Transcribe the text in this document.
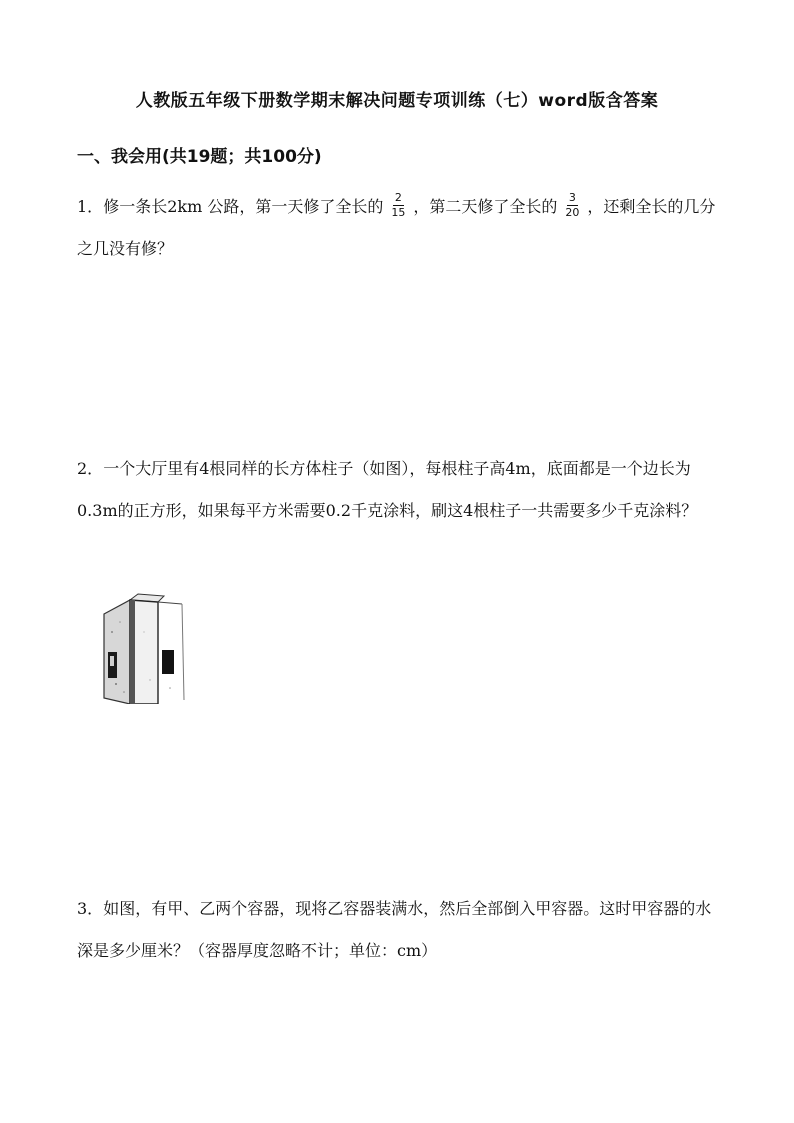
人教版五年级下册数学期末解决问题专项训练（七）word版含答案
一、我会用(共19题；共100分)
1．修一条长2km 公路，第一天修了全长的 $\frac{2}{15}$ ，第二天修了全长的 $\frac{3}{20}$ ，还剩全长的几分之几没有修？
2．一个大厅里有4根同样的长方体柱子（如图），每根柱子高4m，底面都是一个边长为0.3m的正方形，如果每平方米需要0.2千克涂料，刷这4根柱子一共需要多少千克涂料？
3．如图，有甲、乙两个容器，现将乙容器装满水，然后全部倒入甲容器。这时甲容器的水深是多少厘米？（容器厚度忽略不计；单位：cm）
